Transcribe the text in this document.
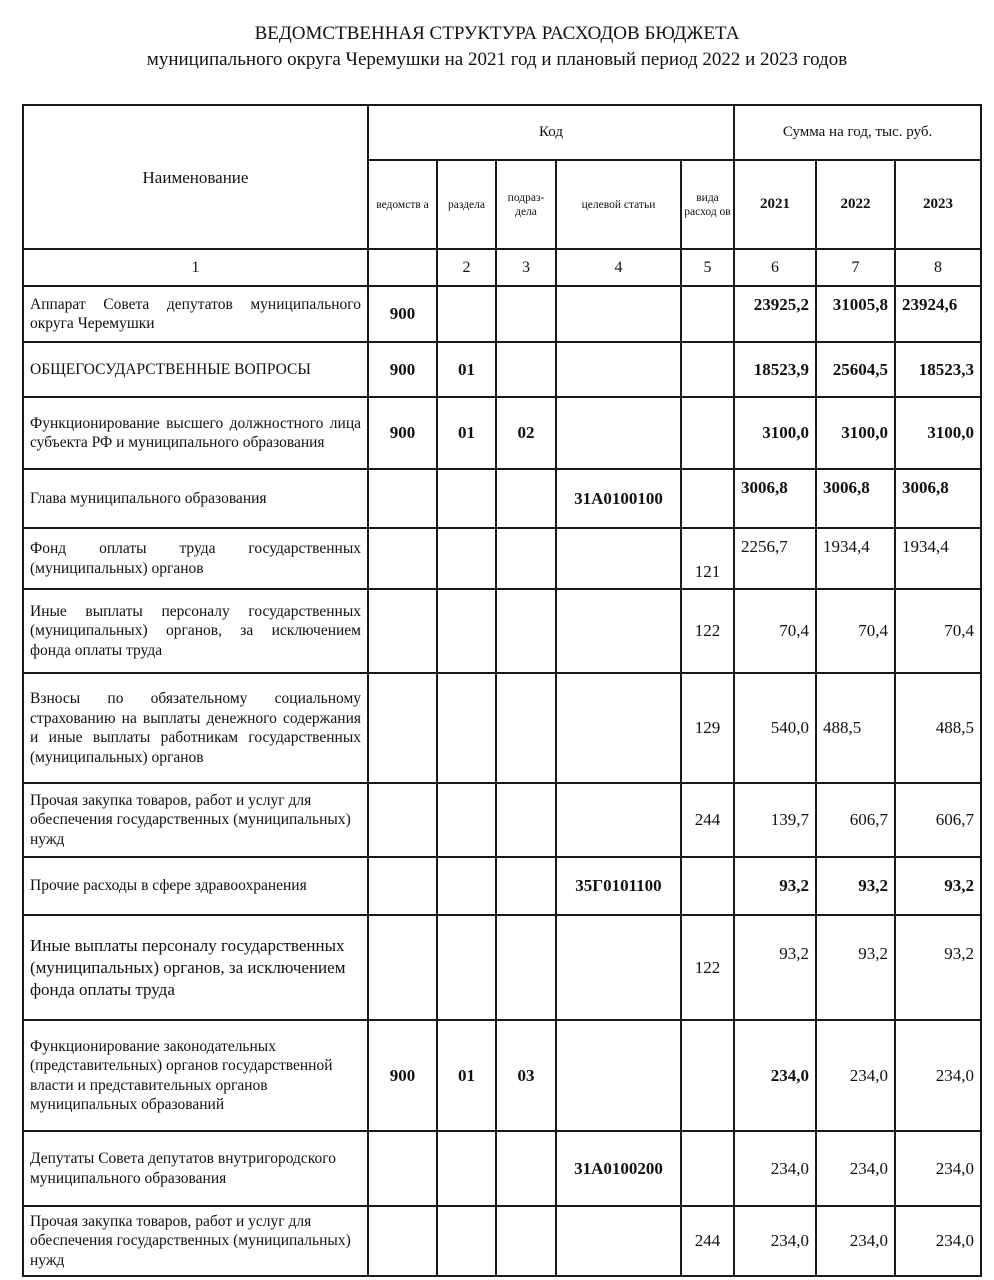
ВЕДОМСТВЕННАЯ СТРУКТУРА РАСХОДОВ БЮДЖЕТА
муниципального округа Черемушки на 2021 год и плановый период 2022 и 2023 годов
Наименование	Код					Сумма на год, тыс. руб.		
	ведомств а	раздела	подраз- дела	целевой статьи	вида расход ов	2021	2022	2023
1		2	3	4	5	6	7	8
Аппарат Совета депутатов муниципального округа Черемушки	900					23925,2	31005,8	23924,6
ОБЩЕГОСУДАРСТВЕННЫЕ ВОПРОСЫ	900	01				18523,9	25604,5	18523,3
Функционирование высшего должностного лица субъекта РФ и муниципального образования	900	01	02			3100,0	3100,0	3100,0
Глава муниципального образования				31А0100100		3006,8	3006,8	3006,8
Фонд оплаты труда государственных (муниципальных) органов					121	2256,7	1934,4	1934,4
Иные выплаты персоналу государственных (муниципальных) органов, за исключением фонда оплаты труда					122	70,4	70,4	70,4
Взносы по обязательному социальному страхованию на выплаты денежного содержания и иные выплаты работникам государственных (муниципальных) органов					129	540,0	488,5	488,5
Прочая закупка товаров, работ и услуг для обеспечения государственных (муниципальных) нужд					244	139,7	606,7	606,7
Прочие расходы в сфере здравоохранения				35Г0101100		93,2	93,2	93,2
Иные выплаты персоналу государственных (муниципальных) органов, за исключением фонда оплаты труда					122	93,2	93,2	93,2
Функционирование законодательных (представительных) органов государственной власти и представительных органов муниципальных образований	900	01	03			234,0	234,0	234,0
Депутаты Совета депутатов внутригородского муниципального образования				31А0100200		234,0	234,0	234,0
Прочая закупка товаров, работ и услуг для обеспечения государственных (муниципальных) нужд					244	234,0	234,0	234,0
